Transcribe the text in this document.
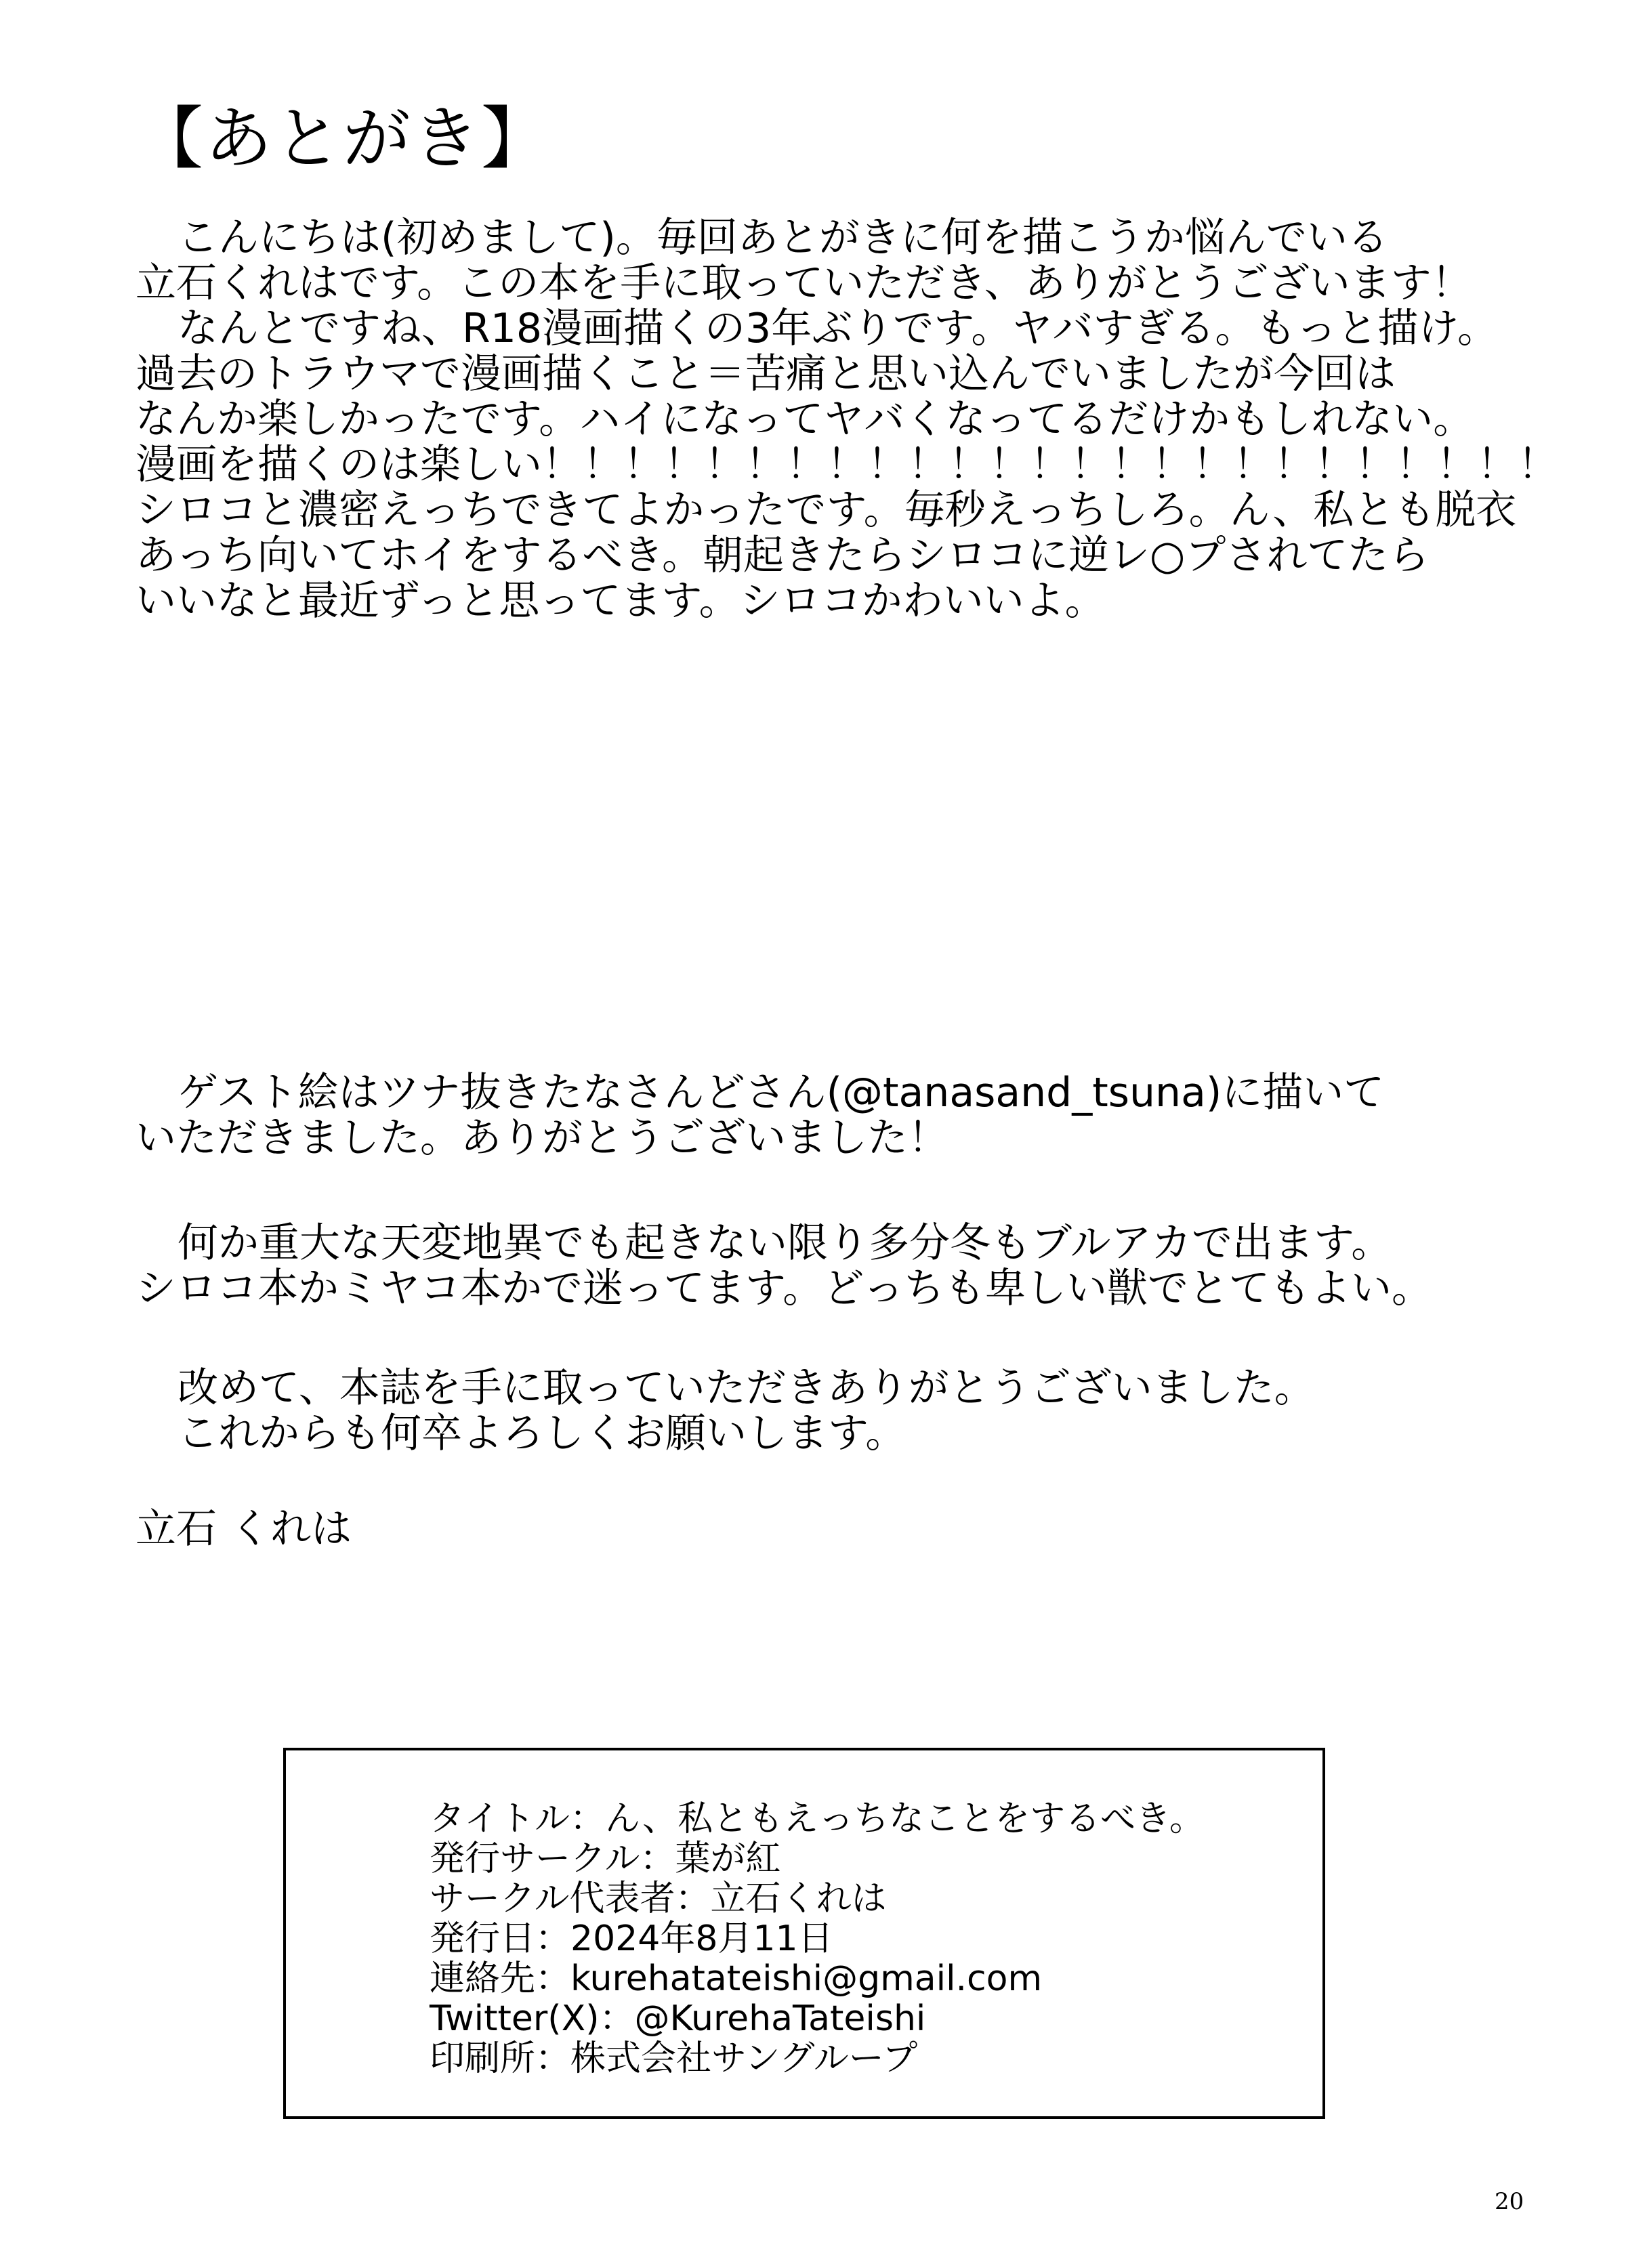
【あとがき】
こんにちは(初めまして)。毎回あとがきに何を描こうか悩んでいる
立石くれはです。この本を手に取っていただき、ありがとうございます！
なんとですね、R18漫画描くの3年ぶりです。ヤバすぎる。もっと描け。
過去のトラウマで漫画描くこと＝苦痛と思い込んでいましたが今回は
なんか楽しかったです。ハイになってヤバくなってるだけかもしれない。
漫画を描くのは楽しい！！！！！！！！！！！！！！！！！！！！！！！！！
シロコと濃密えっちできてよかったです。毎秒えっちしろ。ん、私とも脱衣
あっち向いてホイをするべき。朝起きたらシロコに逆レ○プされてたら
いいなと最近ずっと思ってます。シロコかわいいよ。
ゲスト絵はツナ抜きたなさんどさん(@tanasand_tsuna)に描いて
いただきました。ありがとうございました！
何か重大な天変地異でも起きない限り多分冬もブルアカで出ます。
シロコ本かミヤコ本かで迷ってます。どっちも卑しい獣でとてもよい。
改めて、本誌を手に取っていただきありがとうございました。
これからも何卒よろしくお願いします。
立石 くれは
タイトル：ん、私ともえっちなことをするべき。
発行サークル：葉が紅
サークル代表者：立石くれは
発行日：2024年8月11日
連絡先：kurehatateishi@gmail.com
Twitter(X)：@KurehaTateishi
印刷所：株式会社サングループ
20
